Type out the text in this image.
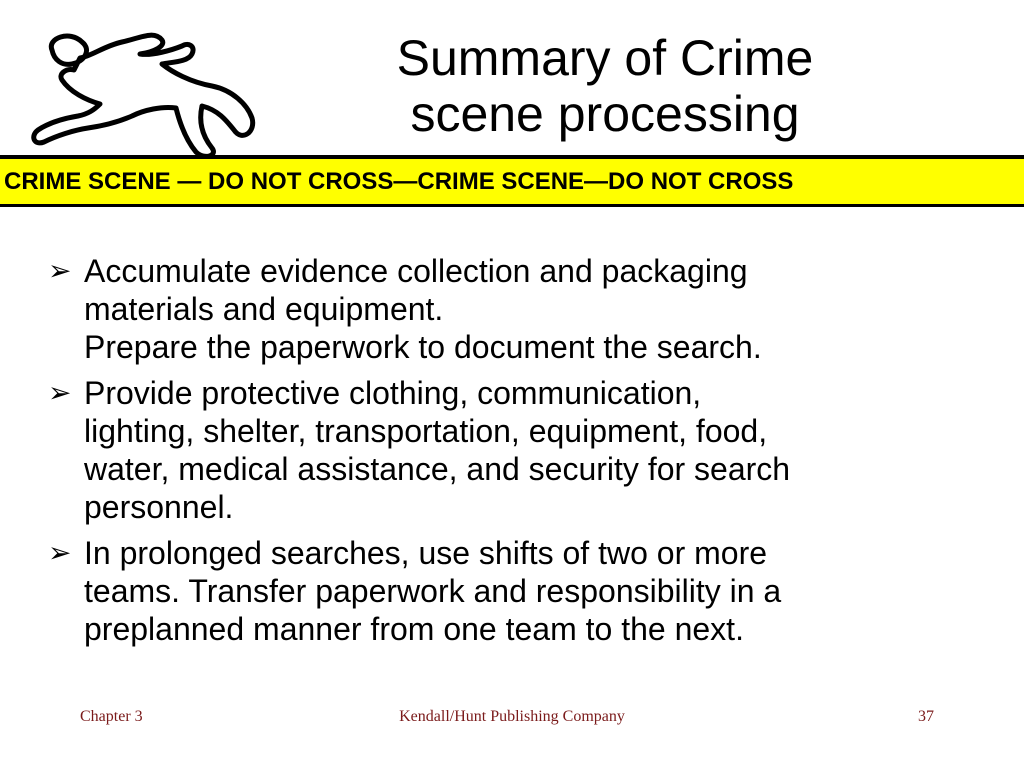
Summary of Crime
scene processing
CRIME SCENE — DO NOT CROSS—CRIME SCENE—DO NOT CROSS
➢ Accumulate evidence collection and packaging
materials and equipment.
Prepare the paperwork to document the search.
➢ Provide protective clothing, communication,
lighting, shelter, transportation, equipment, food,
water, medical assistance, and security for search
personnel.
➢ In prolonged searches, use shifts of two or more
teams. Transfer paperwork and responsibility in a
preplanned manner from one team to the next.
Chapter 3	Kendall/Hunt Publishing Company	37
